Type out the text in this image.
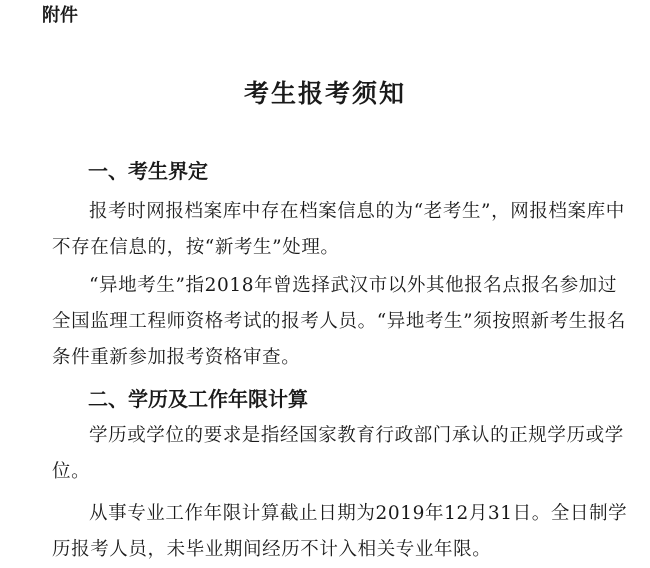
附件

考生报考须知
一、考生界定

报考时网报档案库中存在档案信息的为“老考生”，网报档案库中不存在信息的，按“新考生”处理。

“异地考生”指2018年曾选择武汉市以外其他报名点报名参加过全国监理工程师资格考试的报考人员。“异地考生”须按照新考生报名条件重新参加报考资格审查。

二、学历及工作年限计算

学历或学位的要求是指经国家教育行政部门承认的正规学历或学位。

从事专业工作年限计算截止日期为2019年12月31日。全日制学历报考人员，未毕业期间经历不计入相关专业年限。
